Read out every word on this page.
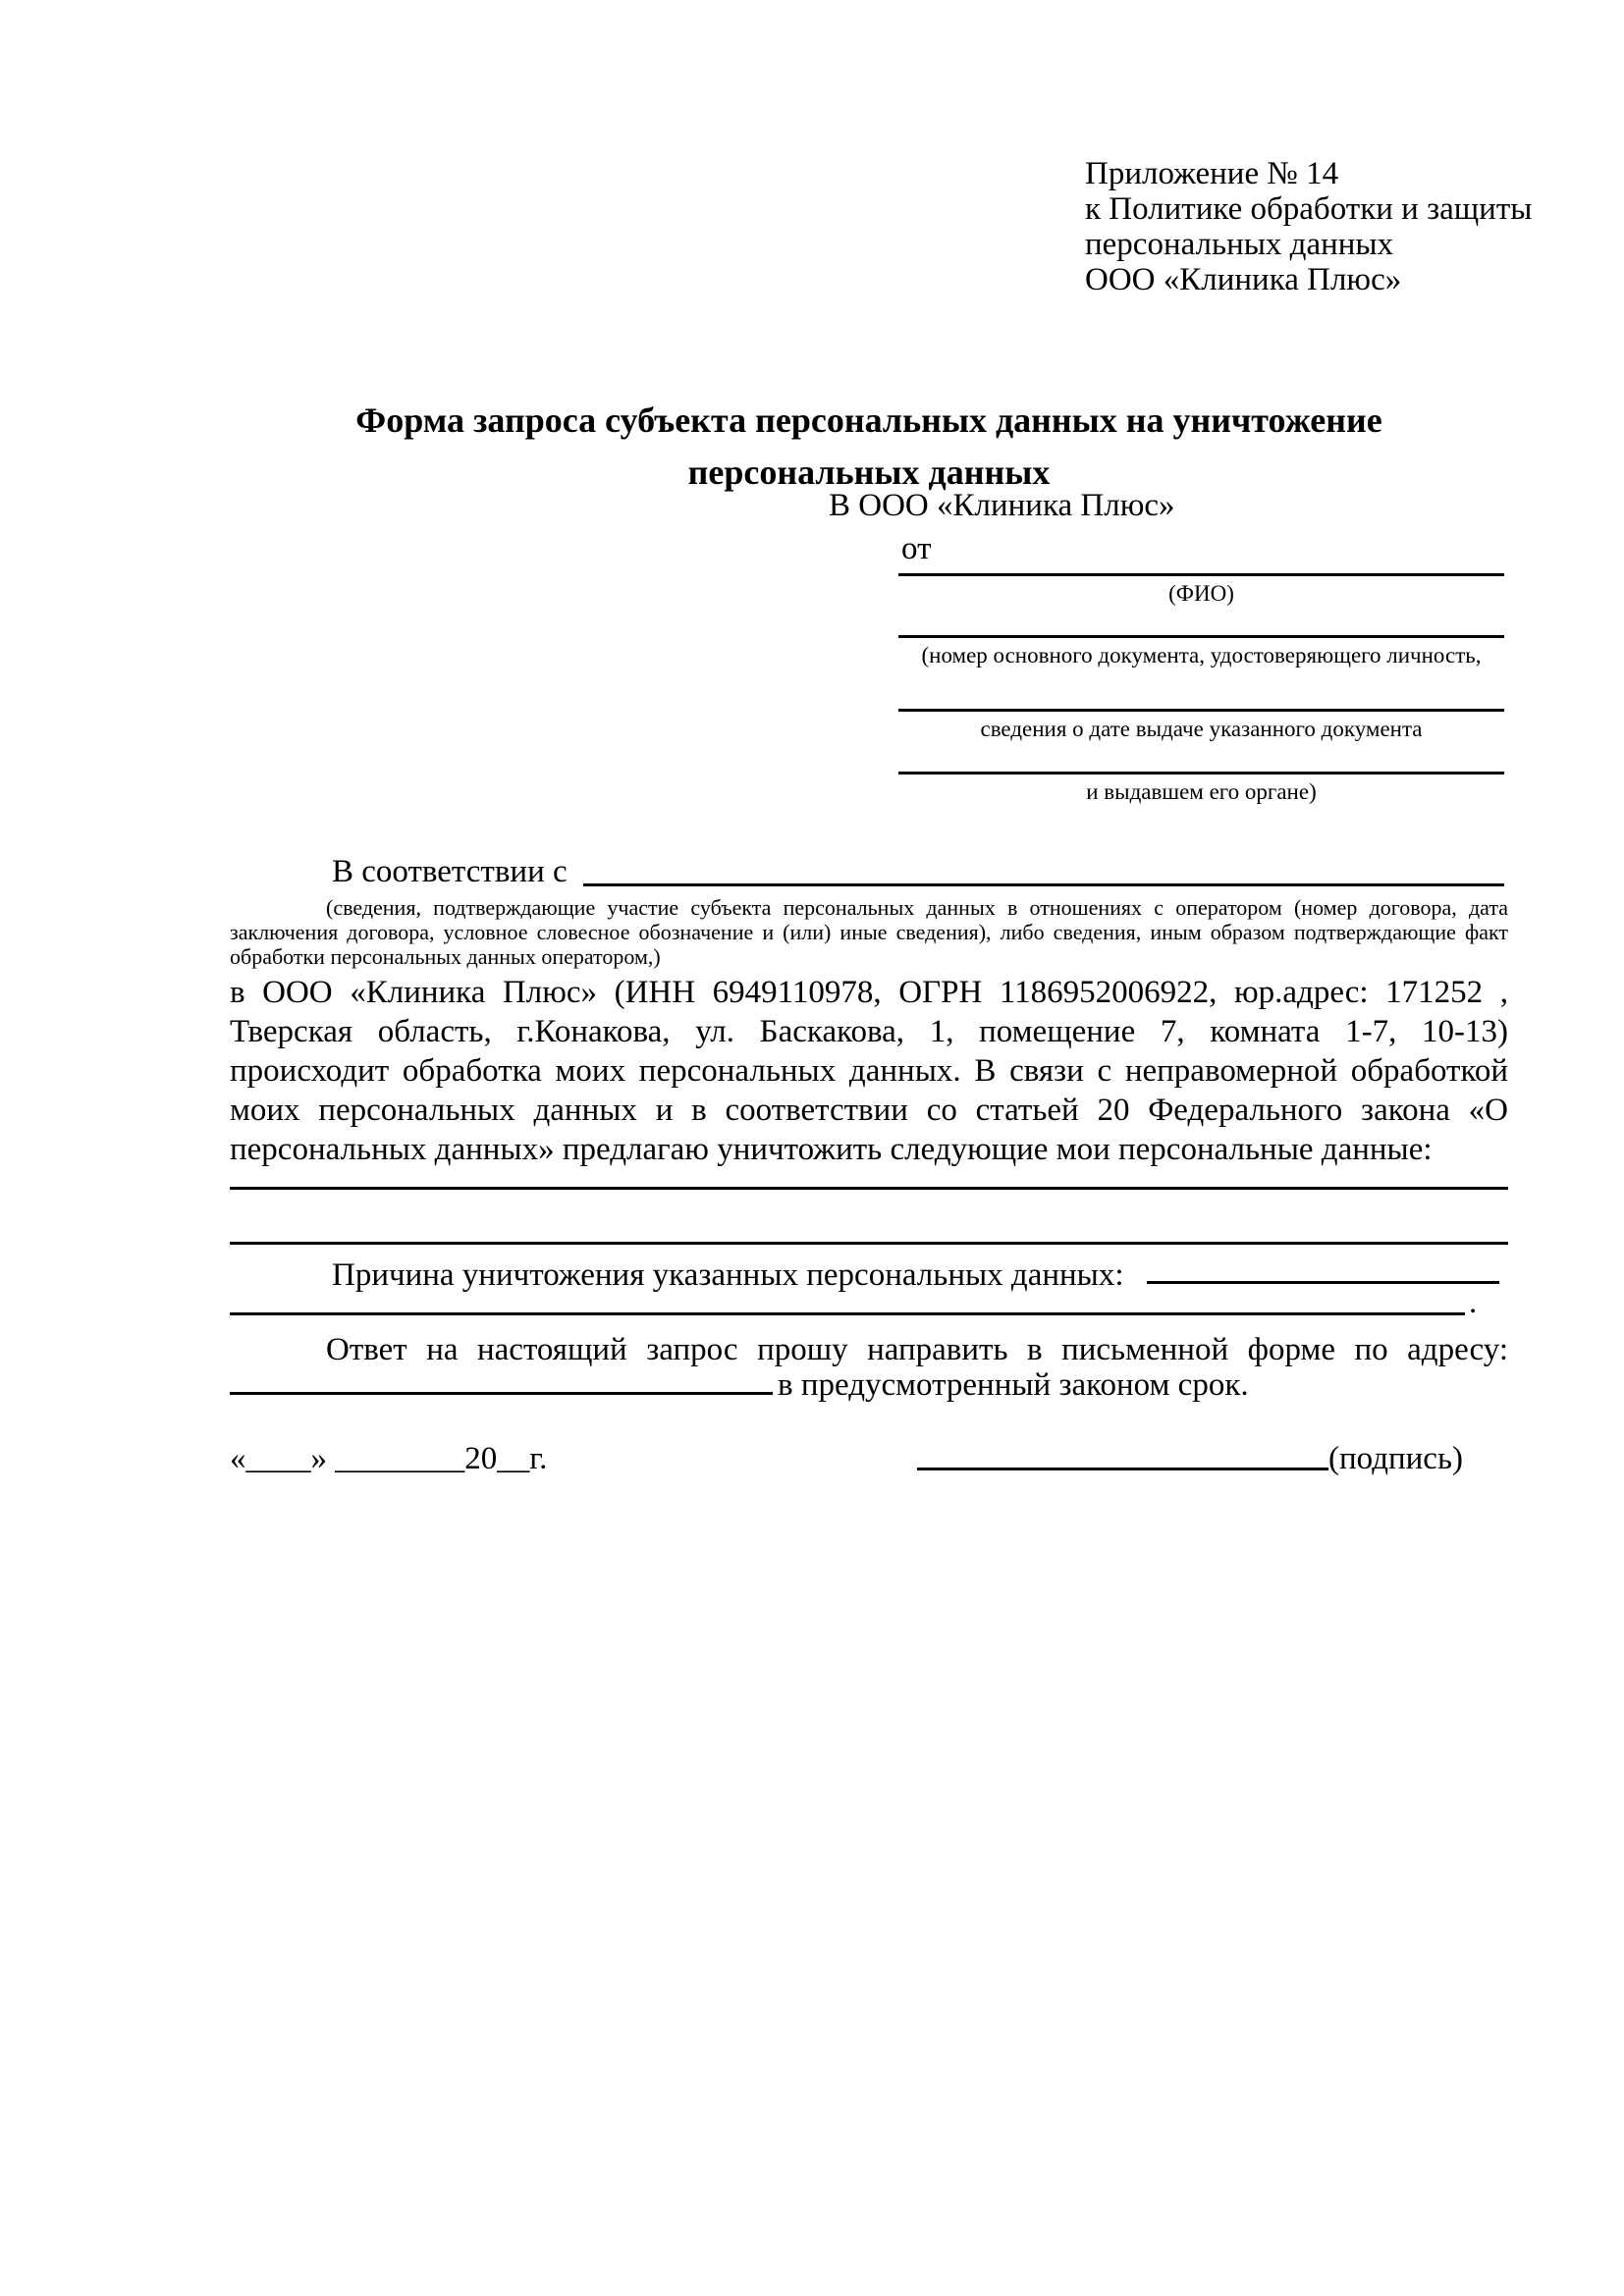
Приложение № 14
к Политике обработки и защиты
персональных данных
ООО «Клиника Плюс»
Форма запроса субъекта персональных данных на уничтожение
персональных данных
В ООО «Клиника Плюс»
от
(ФИО)
(номер основного документа, удостоверяющего личность,
сведения о дате выдаче указанного документа
и выдавшем его органе)
В соответствии с
(сведения, подтверждающие участие субъекта персональных данных в отношениях с оператором (номер договора, дата
заключения договора, условное словесное обозначение и (или) иные сведения), либо сведения, иным образом подтверждающие факт
обработки персональных данных оператором,)
в ООО «Клиника Плюс» (ИНН 6949110978, ОГРН 1186952006922, юр.адрес: 171252 ,
Тверская область, г.Конакова, ул. Баскакова, 1, помещение 7, комната 1-7, 10-13)
происходит обработка моих персональных данных. В связи с неправомерной обработкой
моих персональных данных и в соответствии со статьей 20 Федерального закона «О
персональных данных» предлагаю уничтожить следующие мои персональные данные:
Причина уничтожения указанных персональных данных:
.
Ответ на настоящий запрос прошу направить в письменной форме по адресу:
в предусмотренный законом срок.
«____» ________20__г.	(подпись)
